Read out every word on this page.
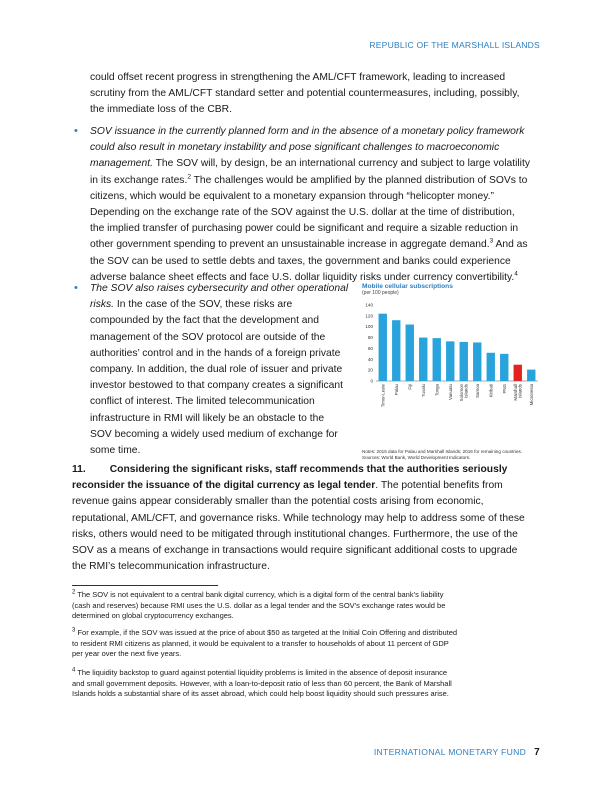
REPUBLIC OF THE MARSHALL ISLANDS
could offset recent progress in strengthening the AML/CFT framework, leading to increased
scrutiny from the AML/CFT standard setter and potential countermeasures, including, possibly,
the immediate loss of the CBR.
• SOV issuance in the currently planned form and in the absence of a monetary policy framework
could also result in monetary instability and pose significant challenges to macroeconomic
management. The SOV will, by design, be an international currency and subject to large volatility
in its exchange rates.$^2$ The challenges would be amplified by the planned distribution of SOVs to
citizens, which would be equivalent to a monetary expansion through “helicopter money.”
Depending on the exchange rate of the SOV against the U.S. dollar at the time of distribution,
the implied transfer of purchasing power could be significant and require a sizable reduction in
other government spending to prevent an unsustainable increase in aggregate demand.$^3$ And as
the SOV can be used to settle debts and taxes, the government and banks could experience
adverse balance sheet effects and face U.S. dollar liquidity risks under currency convertibility.$^4$
• The SOV also raises cybersecurity and other operational
risks. In the case of the SOV, these risks are
compounded by the fact that the development and
management of the SOV protocol are outside of the
authorities’ control and in the hands of a foreign private
company. In addition, the dual role of issuer and private
investor bestowed to that company creates a significant
conflict of interest. The limited telecommunication
infrastructure in RMI will likely be an obstacle to the
SOV becoming a widely used medium of exchange for
some time.
Mobile cellular subscriptions
(per 100 people)
0
20
40
60
80
100
120
140
Timor-Leste Palau Fiji Tuvalu Tonga Vanuatu SolomonIslands Samoa Kiribati PNG MarshallIslands Micronesia
Notes: 2015 data for Palau and Marshall Islands; 2016 for remaining countries.
Sources: World Bank, World Development Indicators.
11. Considering the significant risks, staff recommends that the authorities seriously
reconsider the issuance of the digital currency as legal tender. The potential benefits from
revenue gains appear considerably smaller than the potential costs arising from economic,
reputational, AML/CFT, and governance risks. While technology may help to address some of these
risks, others would need to be mitigated through institutional changes. Furthermore, the use of the
SOV as a means of exchange in transactions would require significant additional costs to upgrade
the RMI’s telecommunication infrastructure.
$^2$ The SOV is not equivalent to a central bank digital currency, which is a digital form of the central bank’s liability
(cash and reserves) because RMI uses the U.S. dollar as a legal tender and the SOV’s exchange rates would be
determined on global cryptocurrency exchanges.
$^3$ For example, if the SOV was issued at the price of about $50 as targeted at the Initial Coin Offering and distributed
to resident RMI citizens as planned, it would be equivalent to a transfer to households of about 11 percent of GDP
per year over the next five years.
$^4$ The liquidity backstop to guard against potential liquidity problems is limited in the absence of deposit insurance
and small government deposits. However, with a loan-to-deposit ratio of less than 60 percent, the Bank of Marshall
Islands holds a substantial share of its asset abroad, which could help boost liquidity should such pressures arise.
INTERNATIONAL MONETARY FUND 7
